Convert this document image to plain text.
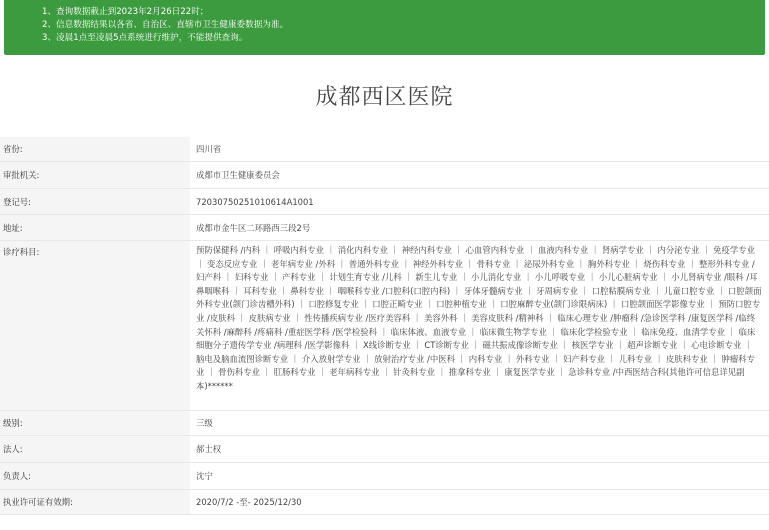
1、查询数据截止到2023年2月26日22时；
2、信息数据结果以各省、自治区、直辖市卫生健康委数据为准。
3、凌晨1点至凌晨5点系统进行维护，不能提供查询。
成都西区医院
省份:	四川省
审批机关:	成都市卫生健康委员会
登记号:	72030750251010614A1001
地址:	成都市金牛区二环路西三段2号
诊疗科目:	预防保健科 /内科 ｜ 呼吸内科专业 ｜ 消化内科专业 ｜ 神经内科专业 ｜ 心血管内科专业 ｜ 血液内科专业 ｜ 肾病学专业 ｜ 内分泌专业 ｜ 免疫学专业 ｜ 变态反应专业 ｜ 老年病专业 /外科 ｜ 普通外科专业 ｜ 神经外科专业 ｜ 骨科专业 ｜ 泌尿外科专业 ｜ 胸外科专业 ｜ 烧伤科专业 ｜ 整形外科专业 /妇产科 ｜ 妇科专业 ｜ 产科专业 ｜ 计划生育专业 /儿科 ｜ 新生儿专业 ｜ 小儿消化专业 ｜ 小儿呼吸专业 ｜ 小儿心脏病专业 ｜ 小儿肾病专业 /眼科 /耳鼻咽喉科 ｜ 耳科专业 ｜ 鼻科专业 ｜ 咽喉科专业 /口腔科(口腔内科) ｜ 牙体牙髓病专业 ｜ 牙周病专业 ｜ 口腔粘膜病专业 ｜ 儿童口腔专业 ｜ 口腔颌面外科专业(颌门诊齿槽外科) ｜ 口腔修复专业 ｜ 口腔正畸专业 ｜ 口腔种植专业 ｜ 口腔麻醉专业(颌门诊限病床) ｜ 口腔颌面医学影像专业 ｜ 预防口腔专业 /皮肤科 ｜ 皮肤病专业 ｜ 性传播疾病专业 /医疗美容科 ｜ 美容外科 ｜ 美容皮肤科 /精神科 ｜ 临床心理专业 /肿瘤科 /急诊医学科 /康复医学科 /临终关怀科 /麻醉科 /疼痛科 /重症医学科 /医学检验科 ｜ 临床体液、血液专业 ｜ 临床微生物学专业 ｜ 临床化学检验专业 ｜ 临床免疫、血清学专业 ｜ 临床细胞分子遗传学专业 /病理科 /医学影像科 ｜ X线诊断专业 ｜ CT诊断专业 ｜ 磁共振成像诊断专业 ｜ 核医学专业 ｜ 超声诊断专业 ｜ 心电诊断专业 ｜ 脑电及脑血流图诊断专业 ｜ 介入放射学专业 ｜ 放射治疗专业 /中医科 ｜ 内科专业 ｜ 外科专业 ｜ 妇产科专业 ｜ 儿科专业 ｜ 皮肤科专业 ｜ 肿瘤科专业 ｜ 骨伤科专业 ｜ 肛肠科专业 ｜ 老年病科专业 ｜ 针灸科专业 ｜ 推拿科专业 ｜ 康复医学专业 ｜ 急诊科专业 /中西医结合科(其他许可信息详见副本)******
级别:	三级
法人:	郝士权
负责人:	沈宁
执业许可证有效期:	2020/7/2 -至- 2025/12/30
